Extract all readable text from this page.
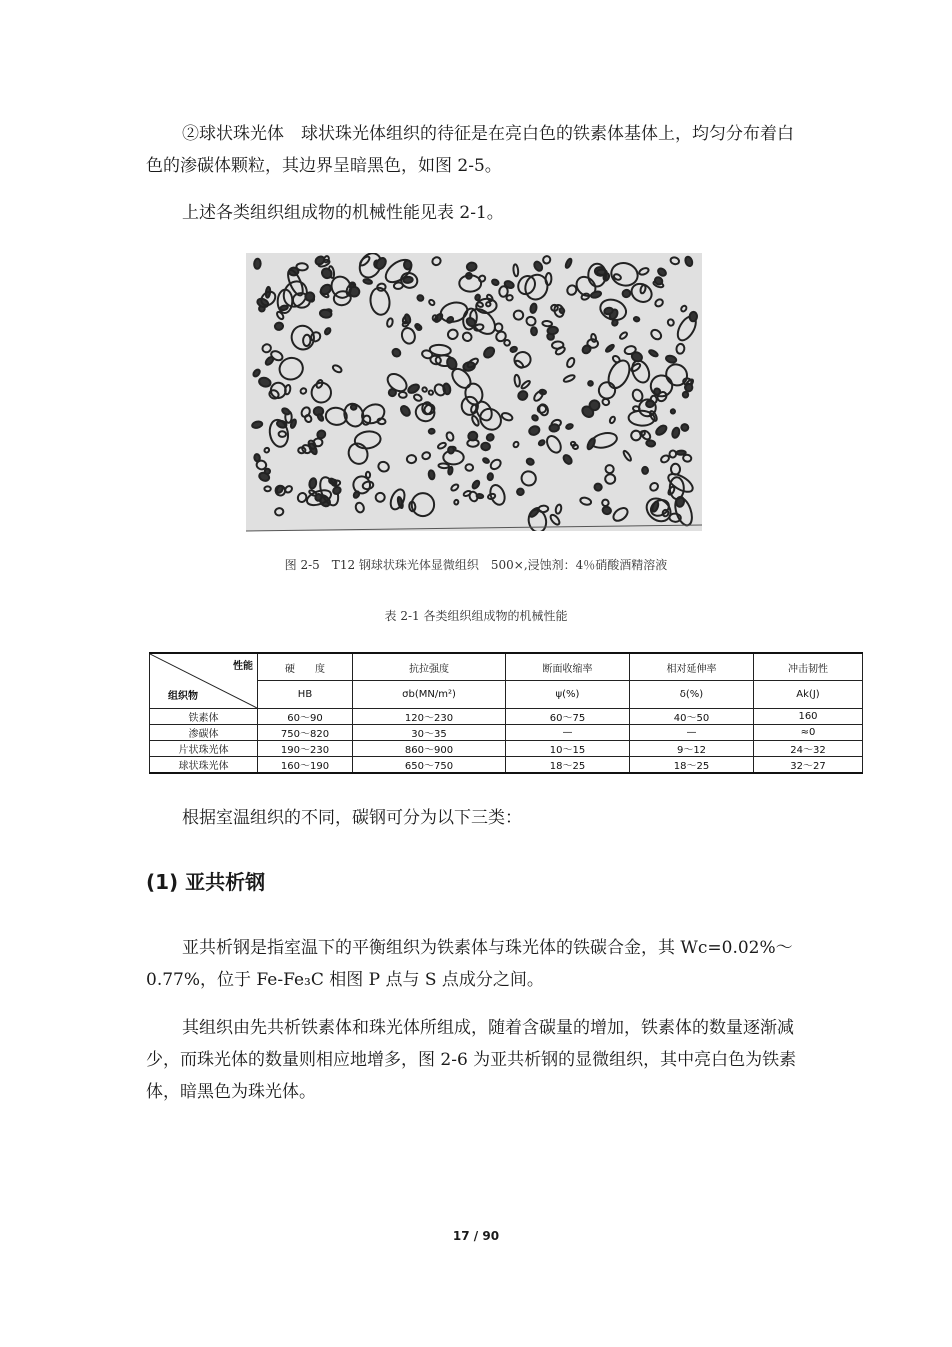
②球状珠光体　球状珠光体组织的待征是在亮白色的铁素体基体上，均匀分布着白色的渗碳体颗粒，其边界呈暗黑色，如图 2-5。

上述各类组织组成物的机械性能见表 2-1。

图 2-5　T12 钢球状珠光体显微组织　500×,浸蚀剂：4％硝酸酒精溶液
表 2-1 各类组织组成物的机械性能
性能
组织物	硬　　度	抗拉强度	断面收缩率	相对延伸率	冲击韧性
	HB	σb(MN/m²)	ψ(%)	δ(%)	Ak(J)
铁素体	60～90	120～230	60～75	40～50	160
渗碳体	750～820	30～35	—	—	≈0
片状珠光体	190～230	860～900	10～15	9～12	24～32
球状珠光体	160～190	650～750	18～25	18～25	32～27

根据室温组织的不同，碳钢可分为以下三类：

(1) 亚共析钢

亚共析钢是指室温下的平衡组织为铁素体与珠光体的铁碳合金，其 Wc=0.02%～0.77%，位于 Fe-Fe₃C 相图 P 点与 S 点成分之间。

其组织由先共析铁素体和珠光体所组成，随着含碳量的增加，铁素体的数量逐渐减少，而珠光体的数量则相应地增多，图 2-6 为亚共析钢的显微组织，其中亮白色为铁素体，暗黑色为珠光体。

17 / 90
